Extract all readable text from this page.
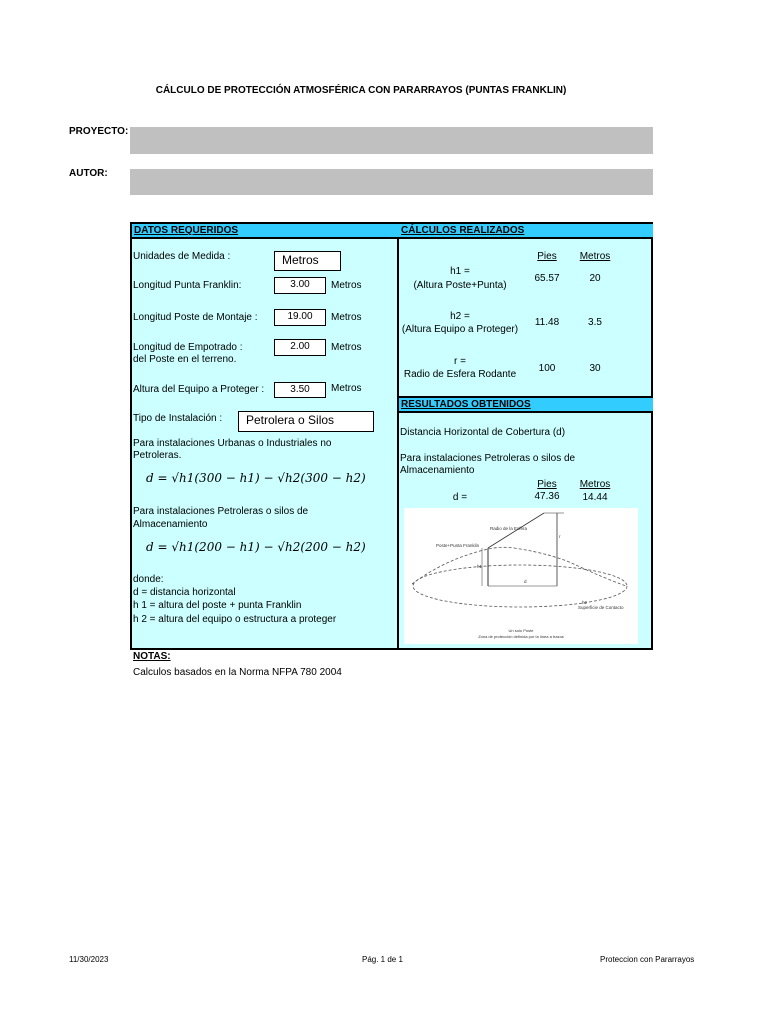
CÁLCULO DE PROTECCIÓN ATMOSFÉRICA CON PARARRAYOS (PUNTAS FRANKLIN)
PROYECTO:
AUTOR:
DATOS REQUERIDOS	CÁLCULOS REALIZADOS
Unidades de Medida :	Metros
Longitud Punta Franklin:	3.00	Metros
Longitud Poste de Montaje :	19.00	Metros
Longitud de Empotrado :
del Poste en el terreno.
2.00	Metros
Altura del Equipo a Proteger :	3.50	Metros
Tipo de Instalación :	Petrolera o Silos
Para instalaciones Urbanas o Industriales no
Petroleras.
d = √h1(300 − h1) − √h2(300 − h2)
Para instalaciones Petroleras o silos de
Almacenamiento
d = √h1(200 − h1) − √h2(200 − h2)
donde:
d = distancia horizontal
h 1 = altura del poste + punta Franklin
h 2 = altura del equipo o estructura a proteger
Pies	Metros
h1 =
(Altura Poste+Punta)
65.57	20
h2 =
(Altura Equipo a Proteger)
11.48	3.5
r =
Radio de Esfera Rodante
100	30
RESULTADOS OBTENIDOS
Distancia Horizontal de Cobertura (d)
Para instalaciones Petroleras o silos de
Almacenamiento
Pies	Metros
d =	47.36	14.44
Radio de la Esfera
Poste+Punta Franklin
r
h1
d
h2
Superficie de Contacto
Un solo Poste
Zona de protección definida por la línea a trazos
NOTAS:
Calculos basados en la Norma NFPA 780 2004
11/30/2023	Pág. 1 de 1	Proteccion con Pararrayos
